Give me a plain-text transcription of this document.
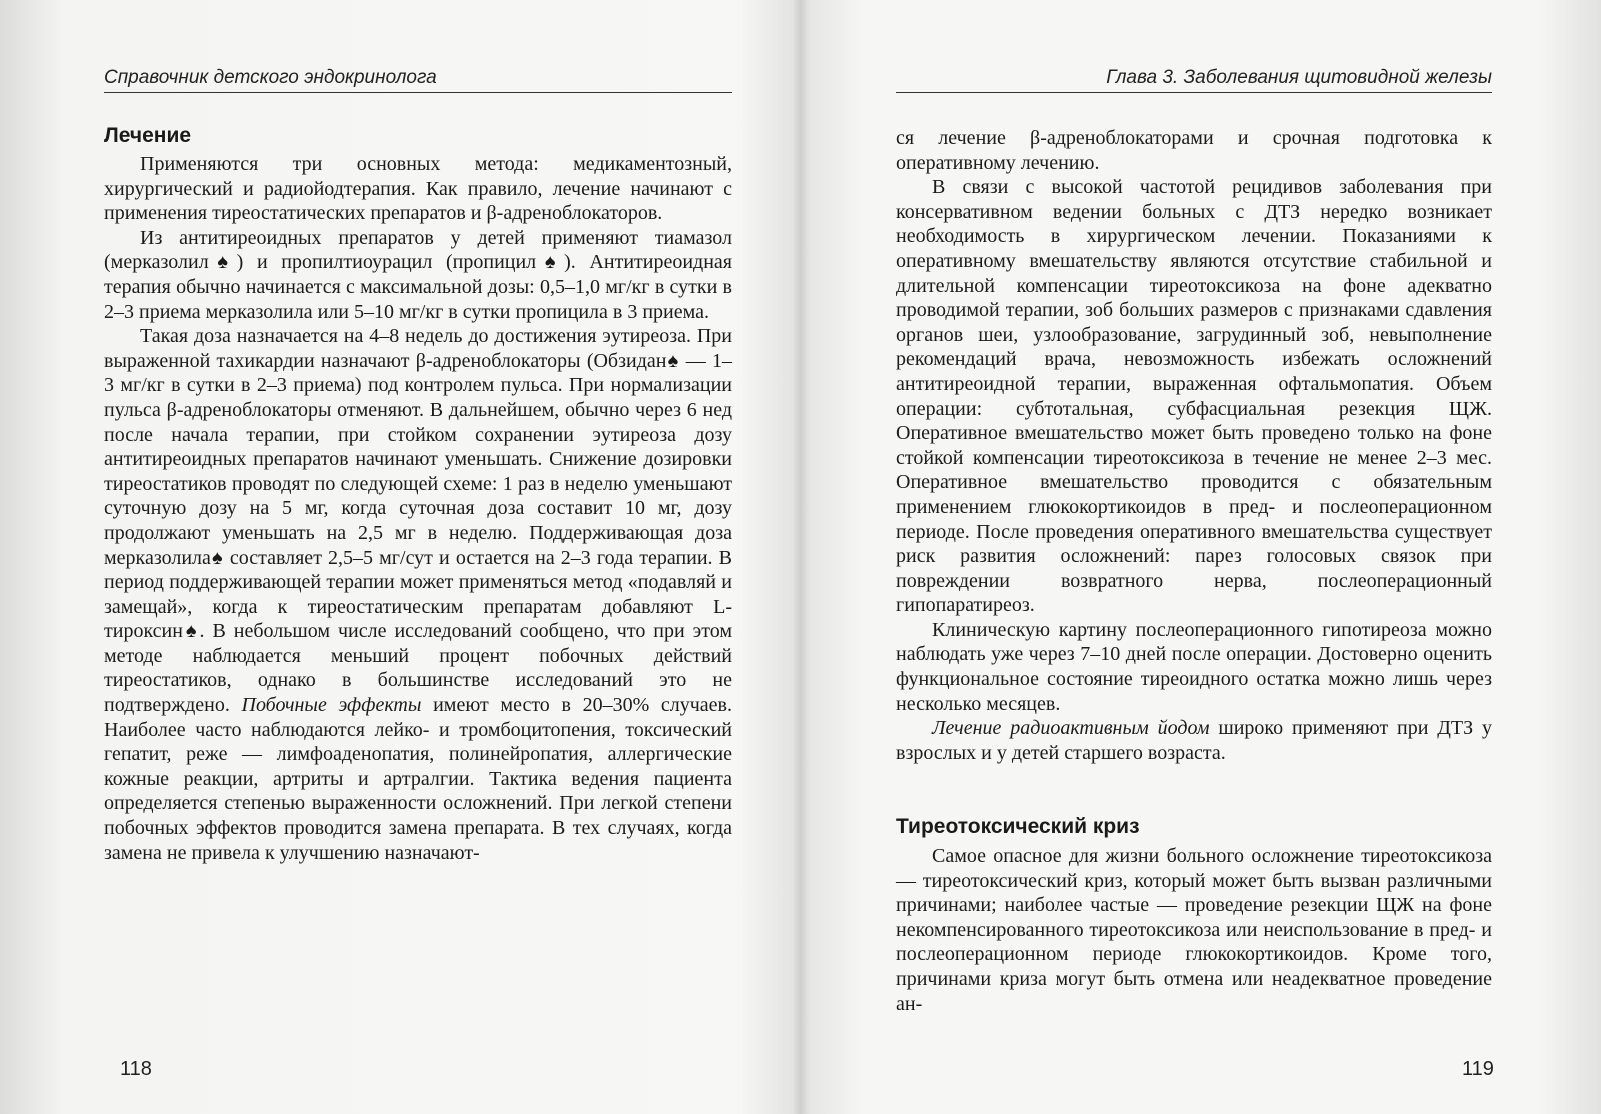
Справочник детского эндокринолога
Лечение

Применяются три основных метода: медикаментозный, хирургический и радиойодтерапия. Как правило, лечение начинают с применения тиреостатических препаратов и β-адреноблокаторов.

Из антитиреоидных препаратов у детей применяют тиамазол (мерказолил♠) и пропилтиоурацил (пропицил♠). Антитиреоидная терапия обычно начинается с максимальной дозы: 0,5–1,0 мг/кг в сутки в 2–3 приема мерказолила или 5–10 мг/кг в сутки пропицила в 3 приема.

Такая доза назначается на 4–8 недель до достижения эутиреоза. При выраженной тахикардии назначают β-адреноблокаторы (Обзидан♠ — 1–3 мг/кг в сутки в 2–3 приема) под контролем пульса. При нормализации пульса β-адреноблокаторы отменяют. В дальнейшем, обычно через 6 нед после начала терапии, при стойком сохранении эутиреоза дозу антитиреоидных препаратов начинают уменьшать. Снижение дозировки тиреостатиков проводят по следующей схеме: 1 раз в неделю уменьшают суточную дозу на 5 мг, когда суточная доза составит 10 мг, дозу продолжают уменьшать на 2,5 мг в неделю. Поддерживающая доза мерказолила♠ составляет 2,5–5 мг/сут и остается на 2–3 года терапии. В период поддерживающей терапии может применяться метод «подавляй и замещай», когда к тиреостатическим препаратам добавляют L-тироксин♠. В небольшом числе исследований сообщено, что при этом методе наблюдается меньший процент побочных действий тиреостатиков, однако в большинстве исследований это не подтверждено. Побочные эффекты имеют место в 20–30% случаев. Наиболее часто наблюдаются лейко- и тромбоцитопения, токсический гепатит, реже — лимфоаденопатия, полинейропатия, аллергические кожные реакции, артриты и артралгии. Тактика ведения пациента определяется степенью выраженности осложнений. При легкой степени побочных эффектов проводится замена препарата. В тех случаях, когда замена не привела к улучшению назначают-

118
Глава 3. Заболевания щитовидной железы

ся лечение β-адреноблокаторами и срочная подготовка к оперативному лечению.

В связи с высокой частотой рецидивов заболевания при консервативном ведении больных с ДТЗ нередко возникает необходимость в хирургическом лечении. Показаниями к оперативному вмешательству являются отсутствие стабильной и длительной компенсации тиреотоксикоза на фоне адекватно проводимой терапии, зоб больших размеров с признаками сдавления органов шеи, узлообразование, загрудинный зоб, невыполнение рекомендаций врача, невозможность избежать осложнений антитиреоидной терапии, выраженная офтальмопатия. Объем операции: субтотальная, субфасциальная резекция ЩЖ. Оперативное вмешательство может быть проведено только на фоне стойкой компенсации тиреотоксикоза в течение не менее 2–3 мес. Оперативное вмешательство проводится с обязательным применением глюкокортикоидов в пред- и послеоперационном периоде. После проведения оперативного вмешательства существует риск развития осложнений: парез голосовых связок при повреждении возвратного нерва, послеоперационный гипопаратиреоз.

Клиническую картину послеоперационного гипотиреоза можно наблюдать уже через 7–10 дней после операции. Достоверно оценить функциональное состояние тиреоидного остатка можно лишь через несколько месяцев.

Лечение радиоактивным йодом широко применяют при ДТЗ у взрослых и у детей старшего возраста.

Тиреотоксический криз

Самое опасное для жизни больного осложнение тиреотоксикоза — тиреотоксический криз, который может быть вызван различными причинами; наиболее частые — проведение резекции ЩЖ на фоне некомпенсированного тиреотоксикоза или неиспользование в пред- и послеоперационном периоде глюкокортикоидов. Кроме того, причинами криза могут быть отмена или неадекватное проведение ан-

119
